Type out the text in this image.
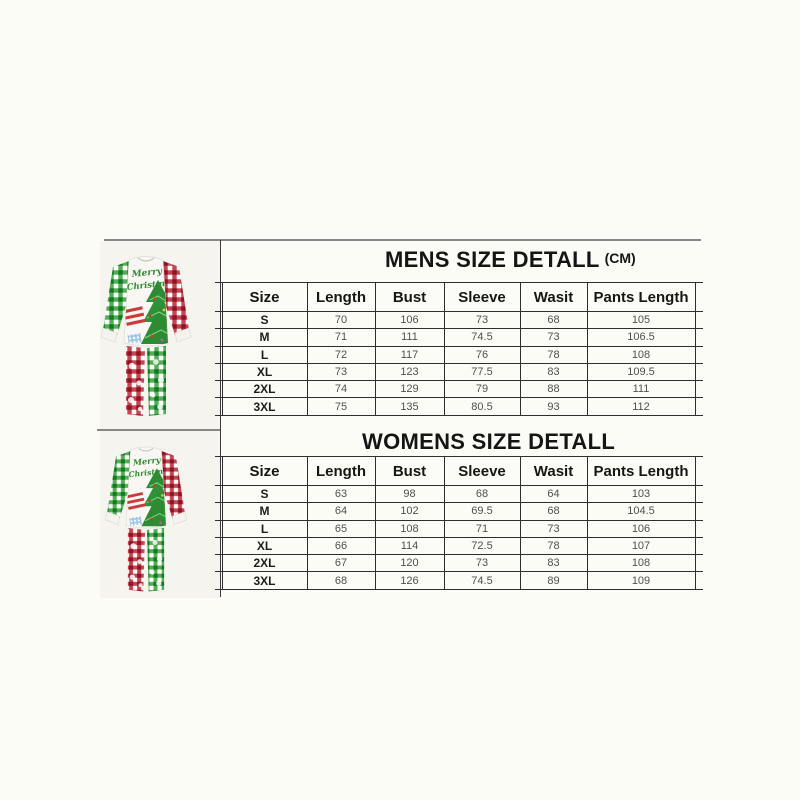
MENS SIZE DETALL (CM)
Size	Length	Bust	Sleeve	Wasit	Pants Length
S	70	106	73	68	105
M	71	111	74.5	73	106.5
L	72	117	76	78	108
XL	73	123	77.5	83	109.5
2XL	74	129	79	88	111
3XL	75	135	80.5	93	112
WOMENS SIZE DETALL
Size	Length	Bust	Sleeve	Wasit	Pants Length
S	63	98	68	64	103
M	64	102	69.5	68	104.5
L	65	108	71	73	106
XL	66	114	72.5	78	107
2XL	67	120	73	83	108
3XL	68	126	74.5	89	109
